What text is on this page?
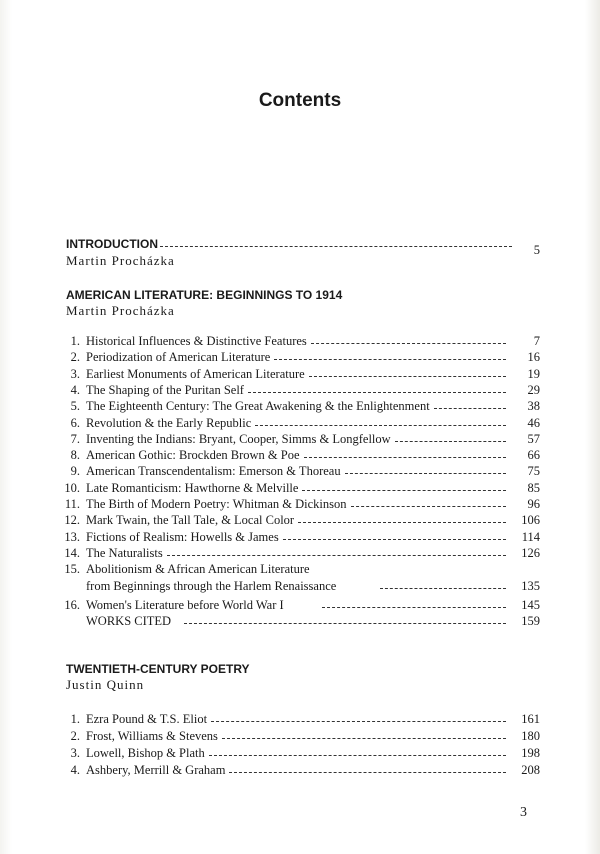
Contents
INTRODUCTION	5
Martin Procházka
AMERICAN LITERATURE: BEGINNINGS TO 1914
Martin Procházka
1. Historical Influences & Distinctive Features	7
2. Periodization of American Literature	16
3. Earliest Monuments of American Literature	19
4. The Shaping of the Puritan Self	29
5. The Eighteenth Century: The Great Awakening & the Enlightenment	38
6. Revolution & the Early Republic	46
7. Inventing the Indians: Bryant, Cooper, Simms & Longfellow	57
8. American Gothic: Brockden Brown & Poe	66
9. American Transcendentalism: Emerson & Thoreau	75
10. Late Romanticism: Hawthorne & Melville	85
11. The Birth of Modern Poetry: Whitman & Dickinson	96
12. Mark Twain, the Tall Tale, & Local Color	106
13. Fictions of Realism: Howells & James	114
14. The Naturalists	126
15. Abolitionism & African American Literature
from Beginnings through the Harlem Renaissance	135
16. Women's Literature before World War I	145
WORKS CITED	159
TWENTIETH-CENTURY POETRY
Justin Quinn
1. Ezra Pound & T.S. Eliot	161
2. Frost, Williams & Stevens	180
3. Lowell, Bishop & Plath	198
4. Ashbery, Merrill & Graham	208
3
